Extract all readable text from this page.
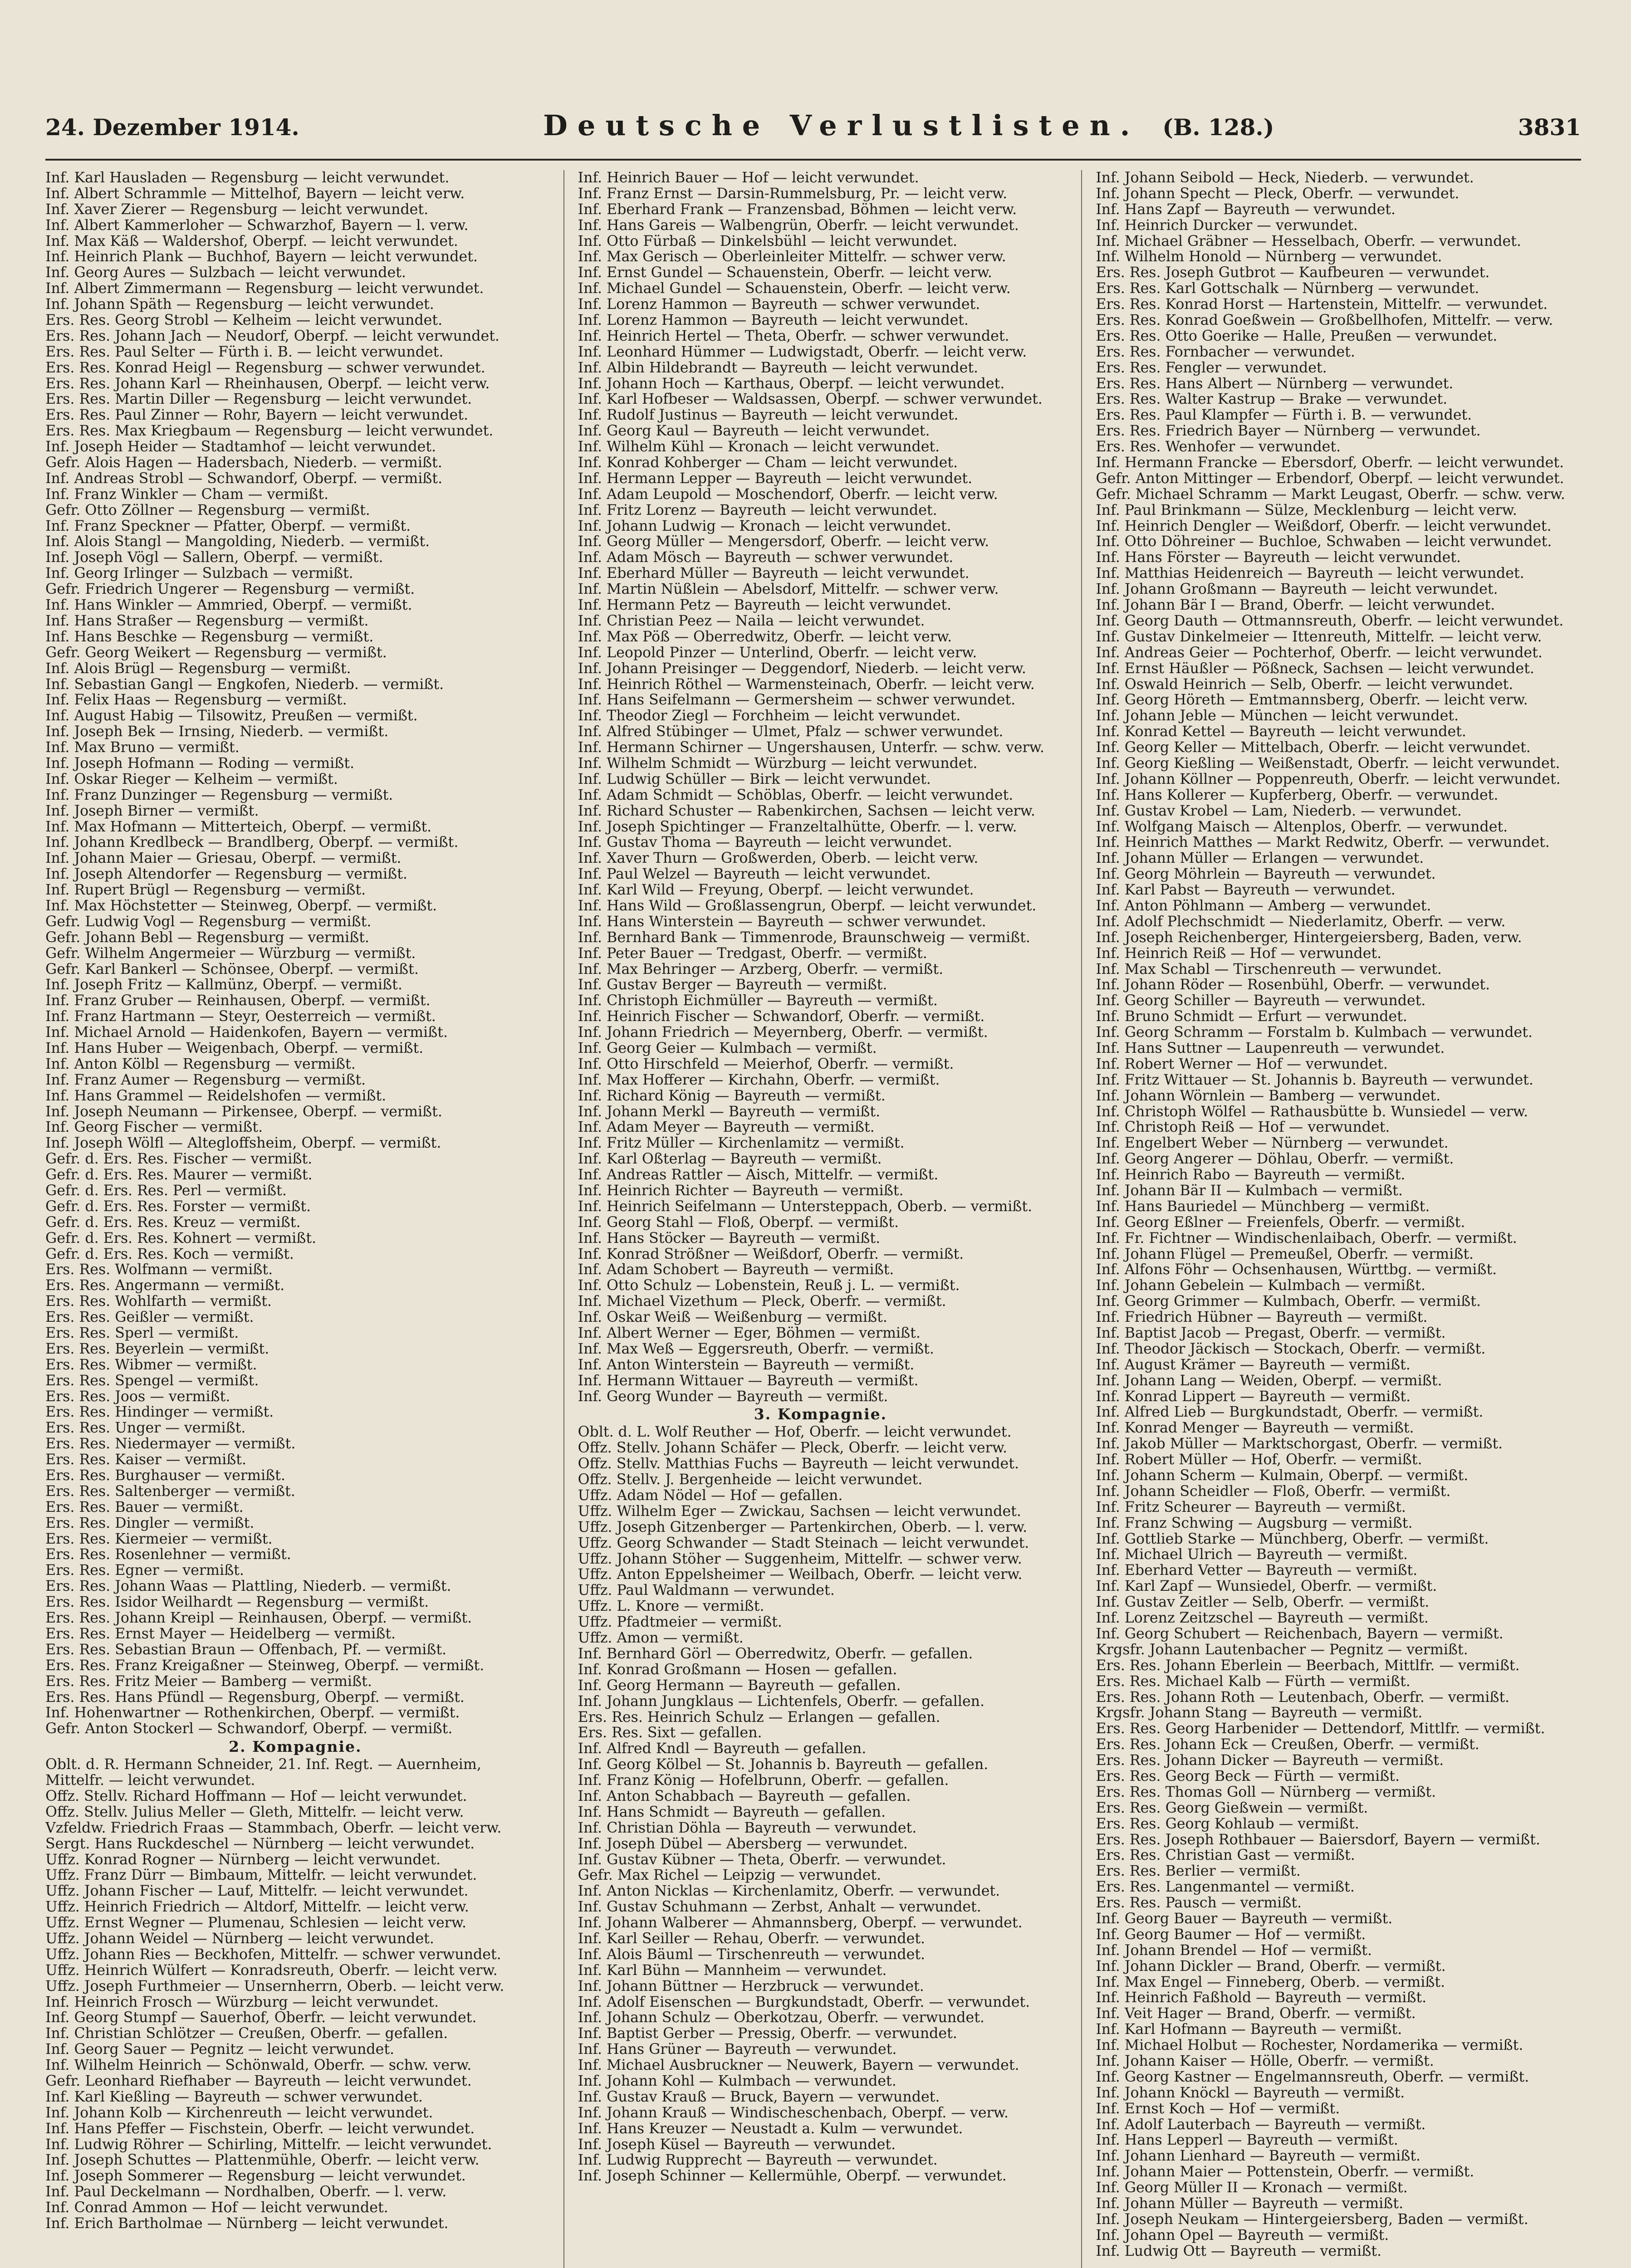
24. Dezember 1914.	Deutsche Verlustlisten. (B. 128.)	3831
Inf. Karl Hausladen — Regensburg — leicht verwundet.
Inf. Albert Schrammle — Mittelhof, Bayern — leicht verw.
Inf. Xaver Zierer — Regensburg — leicht verwundet.
Inf. Albert Kammerloher — Schwarzhof, Bayern — l. verw.
Inf. Max Käß — Waldershof, Oberpf. — leicht verwundet.
Inf. Heinrich Plank — Buchhof, Bayern — leicht verwundet.
Inf. Georg Aures — Sulzbach — leicht verwundet.
Inf. Albert Zimmermann — Regensburg — leicht verwundet.
Inf. Johann Späth — Regensburg — leicht verwundet.
Ers. Res. Georg Strobl — Kelheim — leicht verwundet.
Ers. Res. Johann Jach — Neudorf, Oberpf. — leicht verwundet.
Ers. Res. Paul Selter — Fürth i. B. — leicht verwundet.
Ers. Res. Konrad Heigl — Regensburg — schwer verwundet.
Ers. Res. Johann Karl — Rheinhausen, Oberpf. — leicht verw.
Ers. Res. Martin Diller — Regensburg — leicht verwundet.
Ers. Res. Paul Zinner — Rohr, Bayern — leicht verwundet.
Ers. Res. Max Kriegbaum — Regensburg — leicht verwundet.
Inf. Joseph Heider — Stadtamhof — leicht verwundet.
Gefr. Alois Hagen — Hadersbach, Niederb. — vermißt.
Inf. Andreas Strobl — Schwandorf, Oberpf. — vermißt.
Inf. Franz Winkler — Cham — vermißt.
Gefr. Otto Zöllner — Regensburg — vermißt.
Inf. Franz Speckner — Pfatter, Oberpf. — vermißt.
Inf. Alois Stangl — Mangolding, Niederb. — vermißt.
Inf. Joseph Vögl — Sallern, Oberpf. — vermißt.
Inf. Georg Irlinger — Sulzbach — vermißt.
Gefr. Friedrich Ungerer — Regensburg — vermißt.
Inf. Hans Winkler — Ammried, Oberpf. — vermißt.
Inf. Hans Straßer — Regensburg — vermißt.
Inf. Hans Beschke — Regensburg — vermißt.
Gefr. Georg Weikert — Regensburg — vermißt.
Inf. Alois Brügl — Regensburg — vermißt.
Inf. Sebastian Gangl — Engkofen, Niederb. — vermißt.
Inf. Felix Haas — Regensburg — vermißt.
Inf. August Habig — Tilsowitz, Preußen — vermißt.
Inf. Joseph Bek — Irnsing, Niederb. — vermißt.
Inf. Max Bruno — vermißt.
Inf. Joseph Hofmann — Roding — vermißt.
Inf. Oskar Rieger — Kelheim — vermißt.
Inf. Franz Dunzinger — Regensburg — vermißt.
Inf. Joseph Birner — vermißt.
Inf. Max Hofmann — Mitterteich, Oberpf. — vermißt.
Inf. Johann Kredlbeck — Brandlberg, Oberpf. — vermißt.
Inf. Johann Maier — Griesau, Oberpf. — vermißt.
Inf. Joseph Altendorfer — Regensburg — vermißt.
Inf. Rupert Brügl — Regensburg — vermißt.
Inf. Max Höchstetter — Steinweg, Oberpf. — vermißt.
Gefr. Ludwig Vogl — Regensburg — vermißt.
Gefr. Johann Bebl — Regensburg — vermißt.
Gefr. Wilhelm Angermeier — Würzburg — vermißt.
Gefr. Karl Bankerl — Schönsee, Oberpf. — vermißt.
Inf. Joseph Fritz — Kallmünz, Oberpf. — vermißt.
Inf. Franz Gruber — Reinhausen, Oberpf. — vermißt.
Inf. Franz Hartmann — Steyr, Oesterreich — vermißt.
Inf. Michael Arnold — Haidenkofen, Bayern — vermißt.
Inf. Hans Huber — Weigenbach, Oberpf. — vermißt.
Inf. Anton Kölbl — Regensburg — vermißt.
Inf. Franz Aumer — Regensburg — vermißt.
Inf. Hans Grammel — Reidelshofen — vermißt.
Inf. Joseph Neumann — Pirkensee, Oberpf. — vermißt.
Inf. Georg Fischer — vermißt.
Inf. Joseph Wölfl — Altegloffsheim, Oberpf. — vermißt.
Gefr. d. Ers. Res. Fischer — vermißt.
Gefr. d. Ers. Res. Maurer — vermißt.
Gefr. d. Ers. Res. Perl — vermißt.
Gefr. d. Ers. Res. Forster — vermißt.
Gefr. d. Ers. Res. Kreuz — vermißt.
Gefr. d. Ers. Res. Kohnert — vermißt.
Gefr. d. Ers. Res. Koch — vermißt.
Ers. Res. Wolfmann — vermißt.
Ers. Res. Angermann — vermißt.
Ers. Res. Wohlfarth — vermißt.
Ers. Res. Geißler — vermißt.
Ers. Res. Sperl — vermißt.
Ers. Res. Beyerlein — vermißt.
Ers. Res. Wibmer — vermißt.
Ers. Res. Spengel — vermißt.
Ers. Res. Joos — vermißt.
Ers. Res. Hindinger — vermißt.
Ers. Res. Unger — vermißt.
Ers. Res. Niedermayer — vermißt.
Ers. Res. Kaiser — vermißt.
Ers. Res. Burghauser — vermißt.
Ers. Res. Saltenberger — vermißt.
Ers. Res. Bauer — vermißt.
Ers. Res. Dingler — vermißt.
Ers. Res. Kiermeier — vermißt.
Ers. Res. Rosenlehner — vermißt.
Ers. Res. Egner — vermißt.
Ers. Res. Johann Waas — Plattling, Niederb. — vermißt.
Ers. Res. Isidor Weilhardt — Regensburg — vermißt.
Ers. Res. Johann Kreipl — Reinhausen, Oberpf. — vermißt.
Ers. Res. Ernst Mayer — Heidelberg — vermißt.
Ers. Res. Sebastian Braun — Offenbach, Pf. — vermißt.
Ers. Res. Franz Kreigaßner — Steinweg, Oberpf. — vermißt.
Ers. Res. Fritz Meier — Bamberg — vermißt.
Ers. Res. Hans Pfündl — Regensburg, Oberpf. — vermißt.
Inf. Hohenwartner — Rothenkirchen, Oberpf. — vermißt.
Gefr. Anton Stockerl — Schwandorf, Oberpf. — vermißt.
2. Kompagnie.
Oblt. d. R. Hermann Schneider, 21. Inf. Regt. — Auernheim,
Mittelfr. — leicht verwundet.
Offz. Stellv. Richard Hoffmann — Hof — leicht verwundet.
Offz. Stellv. Julius Meller — Gleth, Mittelfr. — leicht verw.
Vzfeldw. Friedrich Fraas — Stammbach, Oberfr. — leicht verw.
Sergt. Hans Ruckdeschel — Nürnberg — leicht verwundet.
Uffz. Konrad Rogner — Nürnberg — leicht verwundet.
Uffz. Franz Dürr — Bimbaum, Mittelfr. — leicht verwundet.
Uffz. Johann Fischer — Lauf, Mittelfr. — leicht verwundet.
Uffz. Heinrich Friedrich — Altdorf, Mittelfr. — leicht verw.
Uffz. Ernst Wegner — Plumenau, Schlesien — leicht verw.
Uffz. Johann Weidel — Nürnberg — leicht verwundet.
Uffz. Johann Ries — Beckhofen, Mittelfr. — schwer verwundet.
Uffz. Heinrich Wülfert — Konradsreuth, Oberfr. — leicht verw.
Uffz. Joseph Furthmeier — Unsernherrn, Oberb. — leicht verw.
Inf. Heinrich Frosch — Würzburg — leicht verwundet.
Inf. Georg Stumpf — Sauerhof, Oberfr. — leicht verwundet.
Inf. Christian Schlötzer — Creußen, Oberfr. — gefallen.
Inf. Georg Sauer — Pegnitz — leicht verwundet.
Inf. Wilhelm Heinrich — Schönwald, Oberfr. — schw. verw.
Gefr. Leonhard Riefhaber — Bayreuth — leicht verwundet.
Inf. Karl Kießling — Bayreuth — schwer verwundet.
Inf. Johann Kolb — Kirchenreuth — leicht verwundet.
Inf. Hans Pfeffer — Fischstein, Oberfr. — leicht verwundet.
Inf. Ludwig Röhrer — Schirling, Mittelfr. — leicht verwundet.
Inf. Joseph Schuttes — Plattenmühle, Oberfr. — leicht verw.
Inf. Joseph Sommerer — Regensburg — leicht verwundet.
Inf. Paul Deckelmann — Nordhalben, Oberfr. — l. verw.
Inf. Conrad Ammon — Hof — leicht verwundet.
Inf. Erich Bartholmae — Nürnberg — leicht verwundet.
Inf. Heinrich Bauer — Hof — leicht verwundet.
Inf. Franz Ernst — Darsin-Rummelsburg, Pr. — leicht verw.
Inf. Eberhard Frank — Franzensbad, Böhmen — leicht verw.
Inf. Hans Gareis — Walbengrün, Oberfr. — leicht verwundet.
Inf. Otto Fürbaß — Dinkelsbühl — leicht verwundet.
Inf. Max Gerisch — Oberleinleiter Mittelfr. — schwer verw.
Inf. Ernst Gundel — Schauenstein, Oberfr. — leicht verw.
Inf. Michael Gundel — Schauenstein, Oberfr. — leicht verw.
Inf. Lorenz Hammon — Bayreuth — schwer verwundet.
Inf. Lorenz Hammon — Bayreuth — leicht verwundet.
Inf. Heinrich Hertel — Theta, Oberfr. — schwer verwundet.
Inf. Leonhard Hümmer — Ludwigstadt, Oberfr. — leicht verw.
Inf. Albin Hildebrandt — Bayreuth — leicht verwundet.
Inf. Johann Hoch — Karthaus, Oberpf. — leicht verwundet.
Inf. Karl Hofbeser — Waldsassen, Oberpf. — schwer verwundet.
Inf. Rudolf Justinus — Bayreuth — leicht verwundet.
Inf. Georg Kaul — Bayreuth — leicht verwundet.
Inf. Wilhelm Kühl — Kronach — leicht verwundet.
Inf. Konrad Kohberger — Cham — leicht verwundet.
Inf. Hermann Lepper — Bayreuth — leicht verwundet.
Inf. Adam Leupold — Moschendorf, Oberfr. — leicht verw.
Inf. Fritz Lorenz — Bayreuth — leicht verwundet.
Inf. Johann Ludwig — Kronach — leicht verwundet.
Inf. Georg Müller — Mengersdorf, Oberfr. — leicht verw.
Inf. Adam Mösch — Bayreuth — schwer verwundet.
Inf. Eberhard Müller — Bayreuth — leicht verwundet.
Inf. Martin Nüßlein — Abelsdorf, Mittelfr. — schwer verw.
Inf. Hermann Petz — Bayreuth — leicht verwundet.
Inf. Christian Peez — Naila — leicht verwundet.
Inf. Max Pöß — Oberredwitz, Oberfr. — leicht verw.
Inf. Leopold Pinzer — Unterlind, Oberfr. — leicht verw.
Inf. Johann Preisinger — Deggendorf, Niederb. — leicht verw.
Inf. Heinrich Röthel — Warmensteinach, Oberfr. — leicht verw.
Inf. Hans Seifelmann — Germersheim — schwer verwundet.
Inf. Theodor Ziegl — Forchheim — leicht verwundet.
Inf. Alfred Stübinger — Ulmet, Pfalz — schwer verwundet.
Inf. Hermann Schirner — Ungershausen, Unterfr. — schw. verw.
Inf. Wilhelm Schmidt — Würzburg — leicht verwundet.
Inf. Ludwig Schüller — Birk — leicht verwundet.
Inf. Adam Schmidt — Schöblas, Oberfr. — leicht verwundet.
Inf. Richard Schuster — Rabenkirchen, Sachsen — leicht verw.
Inf. Joseph Spichtinger — Franzeltalhütte, Oberfr. — l. verw.
Inf. Gustav Thoma — Bayreuth — leicht verwundet.
Inf. Xaver Thurn — Großwerden, Oberb. — leicht verw.
Inf. Paul Welzel — Bayreuth — leicht verwundet.
Inf. Karl Wild — Freyung, Oberpf. — leicht verwundet.
Inf. Hans Wild — Großlassengrun, Oberpf. — leicht verwundet.
Inf. Hans Winterstein — Bayreuth — schwer verwundet.
Inf. Bernhard Bank — Timmenrode, Braunschweig — vermißt.
Inf. Peter Bauer — Tredgast, Oberfr. — vermißt.
Inf. Max Behringer — Arzberg, Oberfr. — vermißt.
Inf. Gustav Berger — Bayreuth — vermißt.
Inf. Christoph Eichmüller — Bayreuth — vermißt.
Inf. Heinrich Fischer — Schwandorf, Oberfr. — vermißt.
Inf. Johann Friedrich — Meyernberg, Oberfr. — vermißt.
Inf. Georg Geier — Kulmbach — vermißt.
Inf. Otto Hirschfeld — Meierhof, Oberfr. — vermißt.
Inf. Max Hofferer — Kirchahn, Oberfr. — vermißt.
Inf. Richard König — Bayreuth — vermißt.
Inf. Johann Merkl — Bayreuth — vermißt.
Inf. Adam Meyer — Bayreuth — vermißt.
Inf. Fritz Müller — Kirchenlamitz — vermißt.
Inf. Karl Oßterlag — Bayreuth — vermißt.
Inf. Andreas Rattler — Aisch, Mittelfr. — vermißt.
Inf. Heinrich Richter — Bayreuth — vermißt.
Inf. Heinrich Seifelmann — Untersteppach, Oberb. — vermißt.
Inf. Georg Stahl — Floß, Oberpf. — vermißt.
Inf. Hans Stöcker — Bayreuth — vermißt.
Inf. Konrad Strößner — Weißdorf, Oberfr. — vermißt.
Inf. Adam Schobert — Bayreuth — vermißt.
Inf. Otto Schulz — Lobenstein, Reuß j. L. — vermißt.
Inf. Michael Vizethum — Pleck, Oberfr. — vermißt.
Inf. Oskar Weiß — Weißenburg — vermißt.
Inf. Albert Werner — Eger, Böhmen — vermißt.
Inf. Max Weß — Eggersreuth, Oberfr. — vermißt.
Inf. Anton Winterstein — Bayreuth — vermißt.
Inf. Hermann Wittauer — Bayreuth — vermißt.
Inf. Georg Wunder — Bayreuth — vermißt.
3. Kompagnie.
Oblt. d. L. Wolf Reuther — Hof, Oberfr. — leicht verwundet.
Offz. Stellv. Johann Schäfer — Pleck, Oberfr. — leicht verw.
Offz. Stellv. Matthias Fuchs — Bayreuth — leicht verwundet.
Offz. Stellv. J. Bergenheide — leicht verwundet.
Uffz. Adam Nödel — Hof — gefallen.
Uffz. Wilhelm Eger — Zwickau, Sachsen — leicht verwundet.
Uffz. Joseph Gitzenberger — Partenkirchen, Oberb. — l. verw.
Uffz. Georg Schwander — Stadt Steinach — leicht verwundet.
Uffz. Johann Stöher — Suggenheim, Mittelfr. — schwer verw.
Uffz. Anton Eppelsheimer — Weilbach, Oberfr. — leicht verw.
Uffz. Paul Waldmann — verwundet.
Uffz. L. Knore — vermißt.
Uffz. Pfadtmeier — vermißt.
Uffz. Amon — vermißt.
Inf. Bernhard Görl — Oberredwitz, Oberfr. — gefallen.
Inf. Konrad Großmann — Hosen — gefallen.
Inf. Georg Hermann — Bayreuth — gefallen.
Inf. Johann Jungklaus — Lichtenfels, Oberfr. — gefallen.
Ers. Res. Heinrich Schulz — Erlangen — gefallen.
Ers. Res. Sixt — gefallen.
Inf. Alfred Kndl — Bayreuth — gefallen.
Inf. Georg Kölbel — St. Johannis b. Bayreuth — gefallen.
Inf. Franz König — Hofelbrunn, Oberfr. — gefallen.
Inf. Anton Schabbach — Bayreuth — gefallen.
Inf. Hans Schmidt — Bayreuth — gefallen.
Inf. Christian Döhla — Bayreuth — verwundet.
Inf. Joseph Dübel — Abersberg — verwundet.
Inf. Gustav Kübner — Theta, Oberfr. — verwundet.
Gefr. Max Richel — Leipzig — verwundet.
Inf. Anton Nicklas — Kirchenlamitz, Oberfr. — verwundet.
Inf. Gustav Schuhmann — Zerbst, Anhalt — verwundet.
Inf. Johann Walberer — Ahmannsberg, Oberpf. — verwundet.
Inf. Karl Seiller — Rehau, Oberfr. — verwundet.
Inf. Alois Bäuml — Tirschenreuth — verwundet.
Inf. Karl Bühn — Mannheim — verwundet.
Inf. Johann Büttner — Herzbruck — verwundet.
Inf. Adolf Eisenschen — Burgkundstadt, Oberfr. — verwundet.
Inf. Johann Schulz — Oberkotzau, Oberfr. — verwundet.
Inf. Baptist Gerber — Pressig, Oberfr. — verwundet.
Inf. Hans Grüner — Bayreuth — verwundet.
Inf. Michael Ausbruckner — Neuwerk, Bayern — verwundet.
Inf. Johann Kohl — Kulmbach — verwundet.
Inf. Gustav Krauß — Bruck, Bayern — verwundet.
Inf. Johann Krauß — Windischeschenbach, Oberpf. — verw.
Inf. Hans Kreuzer — Neustadt a. Kulm — verwundet.
Inf. Joseph Küsel — Bayreuth — verwundet.
Inf. Ludwig Rupprecht — Bayreuth — verwundet.
Inf. Joseph Schinner — Kellermühle, Oberpf. — verwundet.
Inf. Johann Seibold — Heck, Niederb. — verwundet.
Inf. Johann Specht — Pleck, Oberfr. — verwundet.
Inf. Hans Zapf — Bayreuth — verwundet.
Inf. Heinrich Durcker — verwundet.
Inf. Michael Gräbner — Hesselbach, Oberfr. — verwundet.
Inf. Wilhelm Honold — Nürnberg — verwundet.
Ers. Res. Joseph Gutbrot — Kaufbeuren — verwundet.
Ers. Res. Karl Gottschalk — Nürnberg — verwundet.
Ers. Res. Konrad Horst — Hartenstein, Mittelfr. — verwundet.
Ers. Res. Konrad Goeßwein — Großbellhofen, Mittelfr. — verw.
Ers. Res. Otto Goerike — Halle, Preußen — verwundet.
Ers. Res. Fornbacher — verwundet.
Ers. Res. Fengler — verwundet.
Ers. Res. Hans Albert — Nürnberg — verwundet.
Ers. Res. Walter Kastrup — Brake — verwundet.
Ers. Res. Paul Klampfer — Fürth i. B. — verwundet.
Ers. Res. Friedrich Bayer — Nürnberg — verwundet.
Ers. Res. Wenhofer — verwundet.
Inf. Hermann Francke — Ebersdorf, Oberfr. — leicht verwundet.
Gefr. Anton Mittinger — Erbendorf, Oberpf. — leicht verwundet.
Gefr. Michael Schramm — Markt Leugast, Oberfr. — schw. verw.
Inf. Paul Brinkmann — Sülze, Mecklenburg — leicht verw.
Inf. Heinrich Dengler — Weißdorf, Oberfr. — leicht verwundet.
Inf. Otto Döhreiner — Buchloe, Schwaben — leicht verwundet.
Inf. Hans Förster — Bayreuth — leicht verwundet.
Inf. Matthias Heidenreich — Bayreuth — leicht verwundet.
Inf. Johann Großmann — Bayreuth — leicht verwundet.
Inf. Johann Bär I — Brand, Oberfr. — leicht verwundet.
Inf. Georg Dauth — Ottmannsreuth, Oberfr. — leicht verwundet.
Inf. Gustav Dinkelmeier — Ittenreuth, Mittelfr. — leicht verw.
Inf. Andreas Geier — Pochterhof, Oberfr. — leicht verwundet.
Inf. Ernst Häußler — Pößneck, Sachsen — leicht verwundet.
Inf. Oswald Heinrich — Selb, Oberfr. — leicht verwundet.
Inf. Georg Höreth — Emtmannsberg, Oberfr. — leicht verw.
Inf. Johann Jeble — München — leicht verwundet.
Inf. Konrad Kettel — Bayreuth — leicht verwundet.
Inf. Georg Keller — Mittelbach, Oberfr. — leicht verwundet.
Inf. Georg Kießling — Weißenstadt, Oberfr. — leicht verwundet.
Inf. Johann Köllner — Poppenreuth, Oberfr. — leicht verwundet.
Inf. Hans Kollerer — Kupferberg, Oberfr. — verwundet.
Inf. Gustav Krobel — Lam, Niederb. — verwundet.
Inf. Wolfgang Maisch — Altenplos, Oberfr. — verwundet.
Inf. Heinrich Matthes — Markt Redwitz, Oberfr. — verwundet.
Inf. Johann Müller — Erlangen — verwundet.
Inf. Georg Möhrlein — Bayreuth — verwundet.
Inf. Karl Pabst — Bayreuth — verwundet.
Inf. Anton Pöhlmann — Amberg — verwundet.
Inf. Adolf Plechschmidt — Niederlamitz, Oberfr. — verw.
Inf. Joseph Reichenberger, Hintergeiersberg, Baden, verw.
Inf. Heinrich Reiß — Hof — verwundet.
Inf. Max Schabl — Tirschenreuth — verwundet.
Inf. Johann Röder — Rosenbühl, Oberfr. — verwundet.
Inf. Georg Schiller — Bayreuth — verwundet.
Inf. Bruno Schmidt — Erfurt — verwundet.
Inf. Georg Schramm — Forstalm b. Kulmbach — verwundet.
Inf. Hans Suttner — Laupenreuth — verwundet.
Inf. Robert Werner — Hof — verwundet.
Inf. Fritz Wittauer — St. Johannis b. Bayreuth — verwundet.
Inf. Johann Wörnlein — Bamberg — verwundet.
Inf. Christoph Wölfel — Rathausbütte b. Wunsiedel — verw.
Inf. Christoph Reiß — Hof — verwundet.
Inf. Engelbert Weber — Nürnberg — verwundet.
Inf. Georg Angerer — Döhlau, Oberfr. — vermißt.
Inf. Heinrich Rabo — Bayreuth — vermißt.
Inf. Johann Bär II — Kulmbach — vermißt.
Inf. Hans Bauriedel — Münchberg — vermißt.
Inf. Georg Eßlner — Freienfels, Oberfr. — vermißt.
Inf. Fr. Fichtner — Windischenlaibach, Oberfr. — vermißt.
Inf. Johann Flügel — Premeußel, Oberfr. — vermißt.
Inf. Alfons Föhr — Ochsenhausen, Württbg. — vermißt.
Inf. Johann Gebelein — Kulmbach — vermißt.
Inf. Georg Grimmer — Kulmbach, Oberfr. — vermißt.
Inf. Friedrich Hübner — Bayreuth — vermißt.
Inf. Baptist Jacob — Pregast, Oberfr. — vermißt.
Inf. Theodor Jäckisch — Stockach, Oberfr. — vermißt.
Inf. August Krämer — Bayreuth — vermißt.
Inf. Johann Lang — Weiden, Oberpf. — vermißt.
Inf. Konrad Lippert — Bayreuth — vermißt.
Inf. Alfred Lieb — Burgkundstadt, Oberfr. — vermißt.
Inf. Konrad Menger — Bayreuth — vermißt.
Inf. Jakob Müller — Marktschorgast, Oberfr. — vermißt.
Inf. Robert Müller — Hof, Oberfr. — vermißt.
Inf. Johann Scherm — Kulmain, Oberpf. — vermißt.
Inf. Johann Scheidler — Floß, Oberfr. — vermißt.
Inf. Fritz Scheurer — Bayreuth — vermißt.
Inf. Franz Schwing — Augsburg — vermißt.
Inf. Gottlieb Starke — Münchberg, Oberfr. — vermißt.
Inf. Michael Ulrich — Bayreuth — vermißt.
Inf. Eberhard Vetter — Bayreuth — vermißt.
Inf. Karl Zapf — Wunsiedel, Oberfr. — vermißt.
Inf. Gustav Zeitler — Selb, Oberfr. — vermißt.
Inf. Lorenz Zeitzschel — Bayreuth — vermißt.
Inf. Georg Schubert — Reichenbach, Bayern — vermißt.
Krgsfr. Johann Lautenbacher — Pegnitz — vermißt.
Ers. Res. Johann Eberlein — Beerbach, Mittlfr. — vermißt.
Ers. Res. Michael Kalb — Fürth — vermißt.
Ers. Res. Johann Roth — Leutenbach, Oberfr. — vermißt.
Krgsfr. Johann Stang — Bayreuth — vermißt.
Ers. Res. Georg Harbenider — Dettendorf, Mittlfr. — vermißt.
Ers. Res. Johann Eck — Creußen, Oberfr. — vermißt.
Ers. Res. Johann Dicker — Bayreuth — vermißt.
Ers. Res. Georg Beck — Fürth — vermißt.
Ers. Res. Thomas Goll — Nürnberg — vermißt.
Ers. Res. Georg Gießwein — vermißt.
Ers. Res. Georg Kohlaub — vermißt.
Ers. Res. Joseph Rothbauer — Baiersdorf, Bayern — vermißt.
Ers. Res. Christian Gast — vermißt.
Ers. Res. Berlier — vermißt.
Ers. Res. Langenmantel — vermißt.
Ers. Res. Pausch — vermißt.
Inf. Georg Bauer — Bayreuth — vermißt.
Inf. Georg Baumer — Hof — vermißt.
Inf. Johann Brendel — Hof — vermißt.
Inf. Johann Dickler — Brand, Oberfr. — vermißt.
Inf. Max Engel — Finneberg, Oberb. — vermißt.
Inf. Heinrich Faßhold — Bayreuth — vermißt.
Inf. Veit Hager — Brand, Oberfr. — vermißt.
Inf. Karl Hofmann — Bayreuth — vermißt.
Inf. Michael Holbut — Rochester, Nordamerika — vermißt.
Inf. Johann Kaiser — Hölle, Oberfr. — vermißt.
Inf. Georg Kastner — Engelmannsreuth, Oberfr. — vermißt.
Inf. Johann Knöckl — Bayreuth — vermißt.
Inf. Ernst Koch — Hof — vermißt.
Inf. Adolf Lauterbach — Bayreuth — vermißt.
Inf. Hans Lepperl — Bayreuth — vermißt.
Inf. Johann Lienhard — Bayreuth — vermißt.
Inf. Johann Maier — Pottenstein, Oberfr. — vermißt.
Inf. Georg Müller II — Kronach — vermißt.
Inf. Johann Müller — Bayreuth — vermißt.
Inf. Joseph Neukam — Hintergeiersberg, Baden — vermißt.
Inf. Johann Opel — Bayreuth — vermißt.
Inf. Ludwig Ott — Bayreuth — vermißt.
